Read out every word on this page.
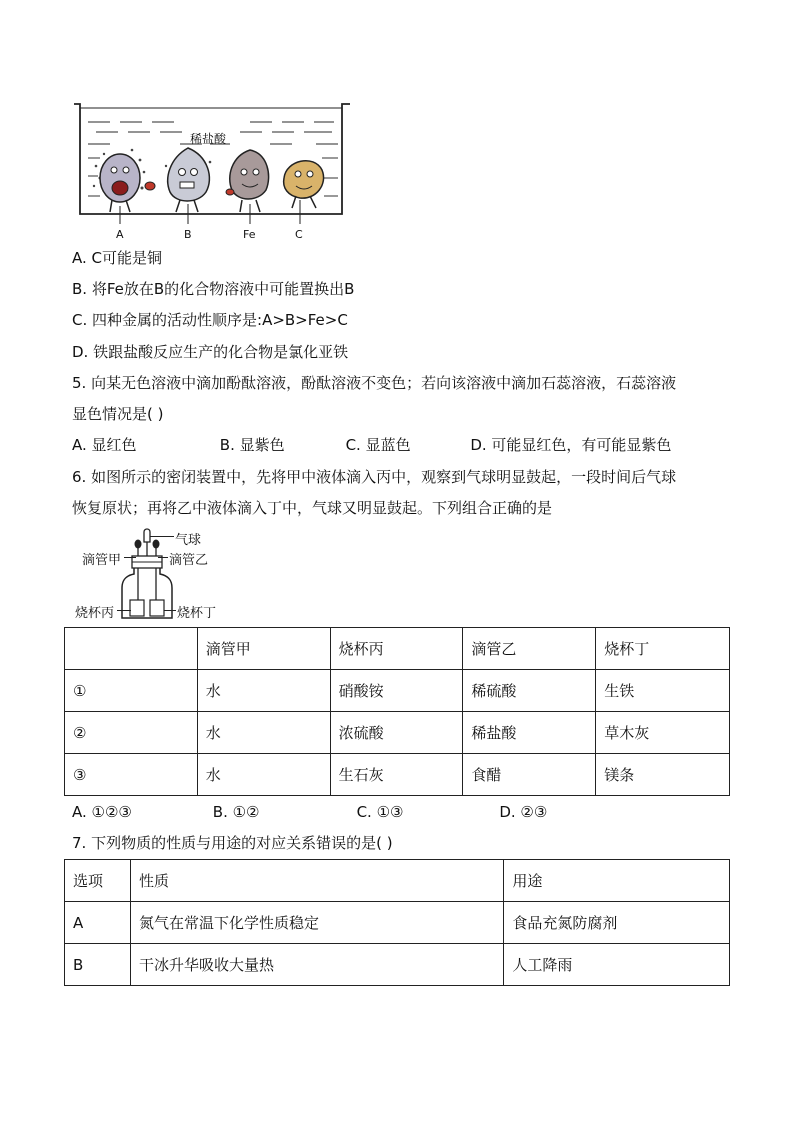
稀盐酸
A	B	Fe	C
A. C可能是铜
B. 将Fe放在B的化合物溶液中可能置换出B
C. 四种金属的活动性顺序是:A>B>Fe>C
D. 铁跟盐酸反应生产的化合物是氯化亚铁
5. 向某无色溶液中滴加酚酞溶液，酚酞溶液不变色；若向该溶液中滴加石蕊溶液，石蕊溶液
显色情况是( )
A. 显红色	B. 显紫色	C. 显蓝色	D. 可能显红色，有可能显紫色
6. 如图所示的密闭装置中，先将甲中液体滴入丙中，观察到气球明显鼓起，一段时间后气球
恢复原状；再将乙中液体滴入丁中，气球又明显鼓起。下列组合正确的是
气球
滴管甲	滴管乙
烧杯丙	烧杯丁
	滴管甲	烧杯丙	滴管乙	烧杯丁
①	水	硝酸铵	稀硫酸	生铁
②	水	浓硫酸	稀盐酸	草木灰
③	水	生石灰	食醋	镁条
A. ①②③	B. ①②	C. ①③	D. ②③
7. 下列物质的性质与用途的对应关系错误的是( )
选项	性质	用途
A	氮气在常温下化学性质稳定	食品充氮防腐剂
B	干冰升华吸收大量热	人工降雨
